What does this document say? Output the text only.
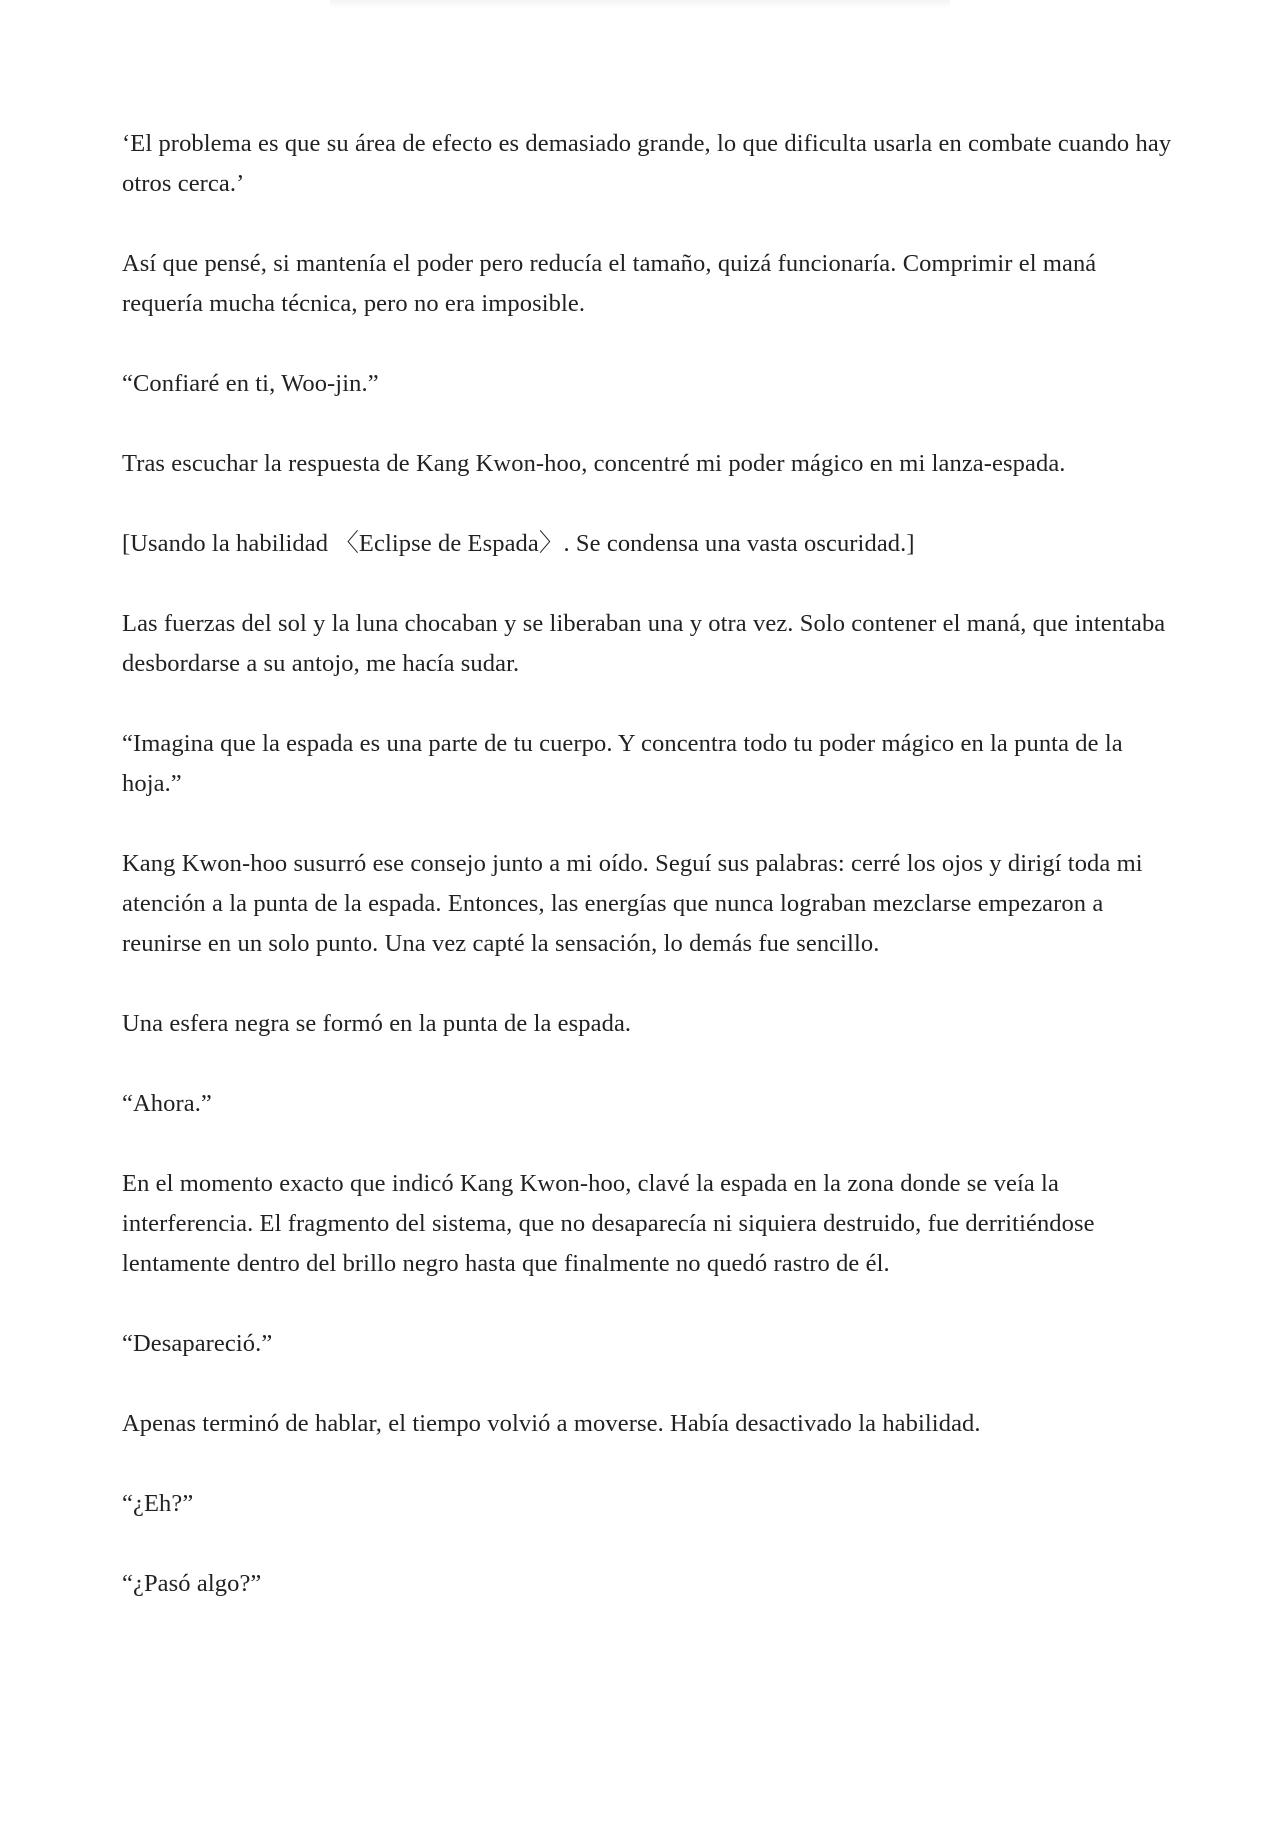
‘El problema es que su área de efecto es demasiado grande, lo que dificulta usarla en combate cuando hay otros cerca.’

Así que pensé, si mantenía el poder pero reducía el tamaño, quizá funcionaría. Comprimir el maná requería mucha técnica, pero no era imposible.

“Confiaré en ti, Woo-jin.”

Tras escuchar la respuesta de Kang Kwon-hoo, concentré mi poder mágico en mi lanza-espada.

[Usando la habilidad 〈Eclipse de Espada〉. Se condensa una vasta oscuridad.]

Las fuerzas del sol y la luna chocaban y se liberaban una y otra vez. Solo contener el maná, que intentaba desbordarse a su antojo, me hacía sudar.

“Imagina que la espada es una parte de tu cuerpo. Y concentra todo tu poder mágico en la punta de la hoja.”

Kang Kwon-hoo susurró ese consejo junto a mi oído. Seguí sus palabras: cerré los ojos y dirigí toda mi atención a la punta de la espada. Entonces, las energías que nunca lograban mezclarse empezaron a reunirse en un solo punto. Una vez capté la sensación, lo demás fue sencillo.

Una esfera negra se formó en la punta de la espada.

“Ahora.”

En el momento exacto que indicó Kang Kwon-hoo, clavé la espada en la zona donde se veía la interferencia. El fragmento del sistema, que no desaparecía ni siquiera destruido, fue derritiéndose lentamente dentro del brillo negro hasta que finalmente no quedó rastro de él.

“Desapareció.”

Apenas terminó de hablar, el tiempo volvió a moverse. Había desactivado la habilidad.

“¿Eh?”

“¿Pasó algo?”
